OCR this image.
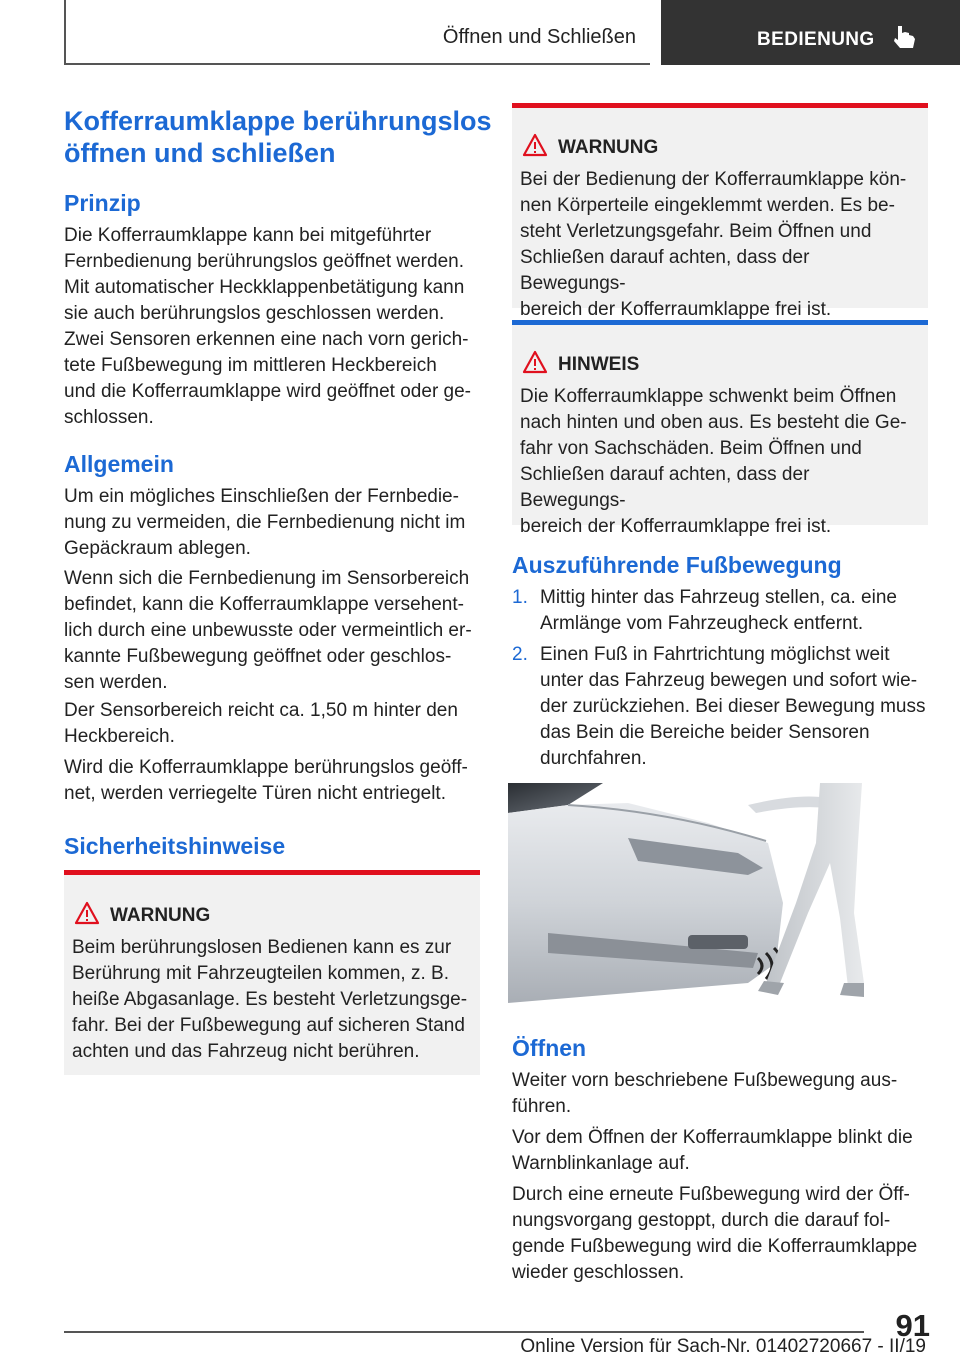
Öffnen und Schließen	BEDIENUNG
Kofferraumklappe berührungslos
öffnen und schließen
Prinzip
Die Kofferraumklappe kann bei mitgeführter
Fernbedienung berührungslos geöffnet werden.
Mit automatischer Heckklappenbetätigung kann
sie auch berührungslos geschlossen werden.
Zwei Sensoren erkennen eine nach vorn gerich-
tete Fußbewegung im mittleren Heckbereich
und die Kofferraumklappe wird geöffnet oder ge-
schlossen.
Allgemein
Um ein mögliches Einschließen der Fernbedie-
nung zu vermeiden, die Fernbedienung nicht im
Gepäckraum ablegen.
Wenn sich die Fernbedienung im Sensorbereich
befindet, kann die Kofferraumklappe versehent-
lich durch eine unbewusste oder vermeintlich er-
kannte Fußbewegung geöffnet oder geschlos-
sen werden.
Der Sensorbereich reicht ca. 1,50 m hinter den
Heckbereich.
Wird die Kofferraumklappe berührungslos geöff-
net, werden verriegelte Türen nicht entriegelt.
Sicherheitshinweise
WARNUNG
Beim berührungslosen Bedienen kann es zur
Berührung mit Fahrzeugteilen kommen, z. B.
heiße Abgasanlage. Es besteht Verletzungsge-
fahr. Bei der Fußbewegung auf sicheren Stand
achten und das Fahrzeug nicht berühren.
WARNUNG
Bei der Bedienung der Kofferraumklappe kön-
nen Körperteile eingeklemmt werden. Es be-
steht Verletzungsgefahr. Beim Öffnen und
Schließen darauf achten, dass der Bewegungs-
bereich der Kofferraumklappe frei ist.
HINWEIS
Die Kofferraumklappe schwenkt beim Öffnen
nach hinten und oben aus. Es besteht die Ge-
fahr von Sachschäden. Beim Öffnen und
Schließen darauf achten, dass der Bewegungs-
bereich der Kofferraumklappe frei ist.
Auszuführende Fußbewegung
1. Mittig hinter das Fahrzeug stellen, ca. eine
Armlänge vom Fahrzeugheck entfernt.
2. Einen Fuß in Fahrtrichtung möglichst weit
unter das Fahrzeug bewegen und sofort wie-
der zurückziehen. Bei dieser Bewegung muss
das Bein die Bereiche beider Sensoren
durchfahren.
Öffnen
Weiter vorn beschriebene Fußbewegung aus-
führen.
Vor dem Öffnen der Kofferraumklappe blinkt die
Warnblinkanlage auf.
Durch eine erneute Fußbewegung wird der Öff-
nungsvorgang gestoppt, durch die darauf fol-
gende Fußbewegung wird die Kofferraumklappe
wieder geschlossen.
91
Online Version für Sach-Nr. 01402720667 - II/19
